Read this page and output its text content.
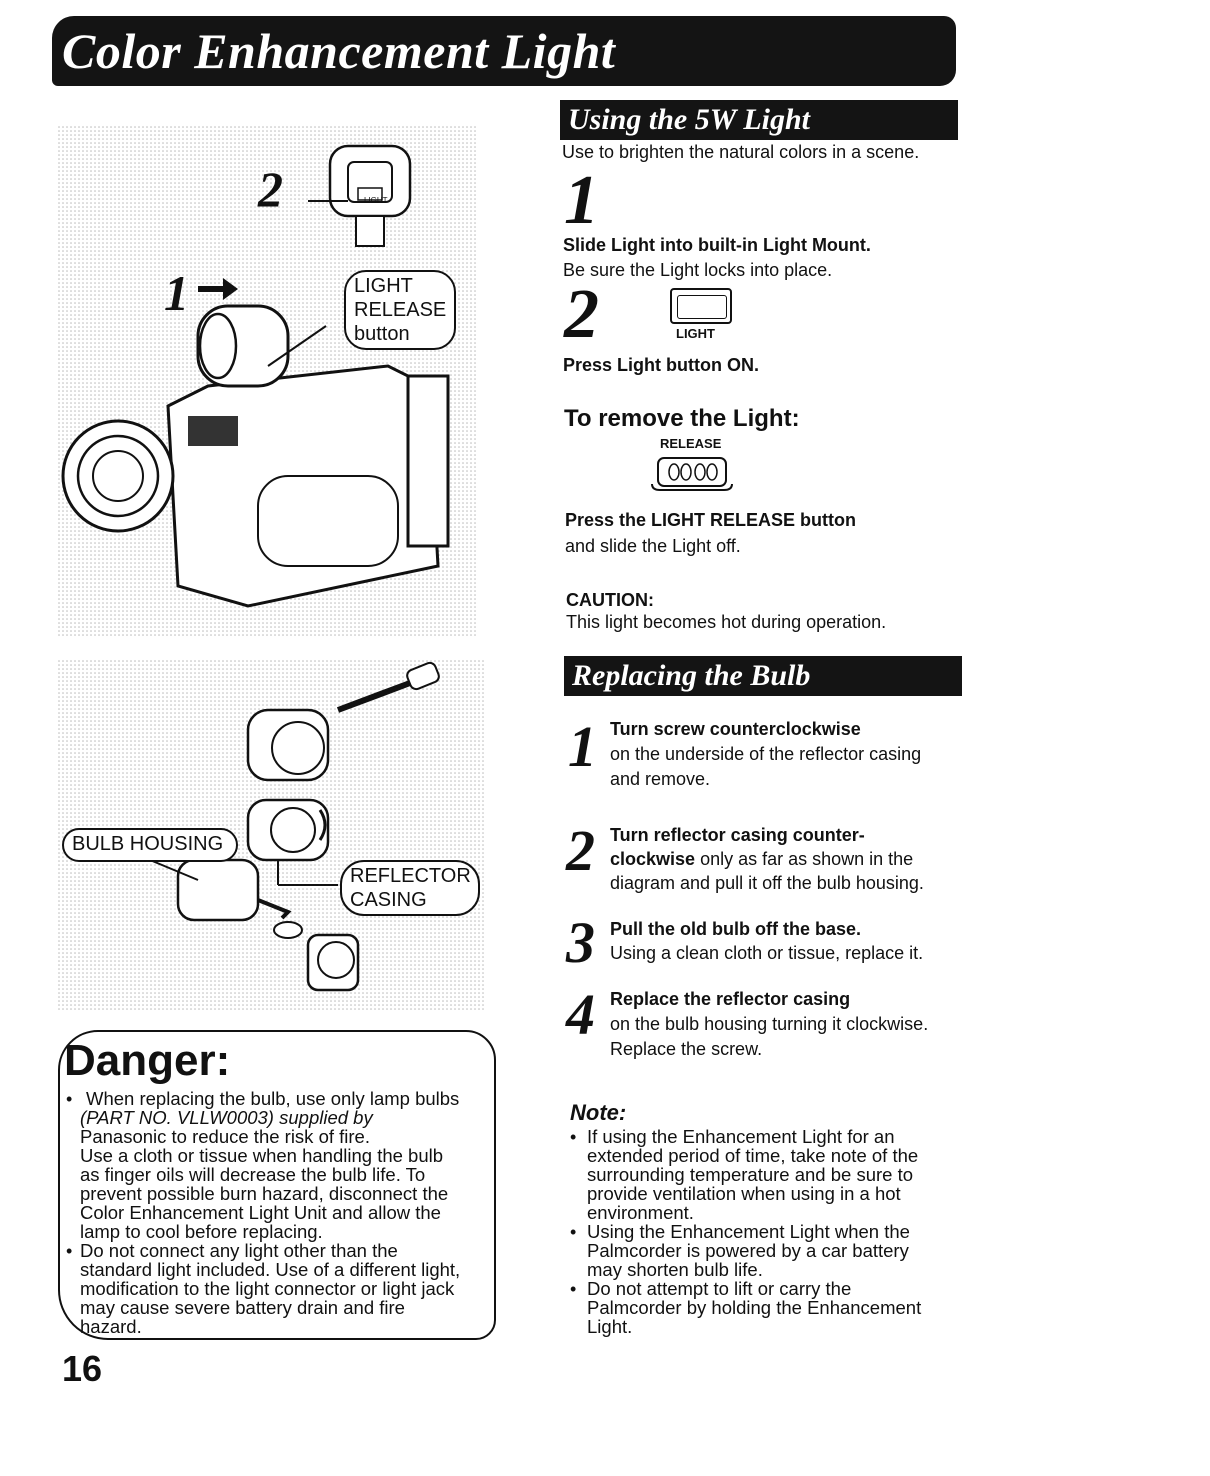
Color Enhancement Light
2
1
LIGHT
LIGHT
RELEASE
button
BULB HOUSING
REFLECTOR
CASING
Danger:
• When replacing the bulb, use only lamp bulbs
(PART NO. VLLW0003) supplied by
Panasonic to reduce the risk of fire.
Use a cloth or tissue when handling the bulb
as finger oils will decrease the bulb life. To
prevent possible burn hazard, disconnect the
Color Enhancement Light Unit and allow the
lamp to cool before replacing.
• Do not connect any light other than the
standard light included. Use of a different light,
modification to the light connector or light jack
may cause severe battery drain and fire
hazard.
16
Using the 5W Light
Use to brighten the natural colors in a scene.
1
Slide Light into built-in Light Mount.
Be sure the Light locks into place.
2	LIGHT
Press Light button ON.
To remove the Light:
RELEASE
Press the LIGHT RELEASE button
and slide the Light off.
CAUTION:
This light becomes hot during operation.
Replacing the Bulb
1 Turn screw counterclockwise
on the underside of the reflector casing
and remove.
2 Turn reflector casing counter-
clockwise only as far as shown in the
diagram and pull it off the bulb housing.
3 Pull the old bulb off the base.
Using a clean cloth or tissue, replace it.
4 Replace the reflector casing
on the bulb housing turning it clockwise.
Replace the screw.
Note:
• If using the Enhancement Light for an
extended period of time, take note of the
surrounding temperature and be sure to
provide ventilation when using in a hot
environment.
• Using the Enhancement Light when the
Palmcorder is powered by a car battery
may shorten bulb life.
• Do not attempt to lift or carry the
Palmcorder by holding the Enhancement
Light.
